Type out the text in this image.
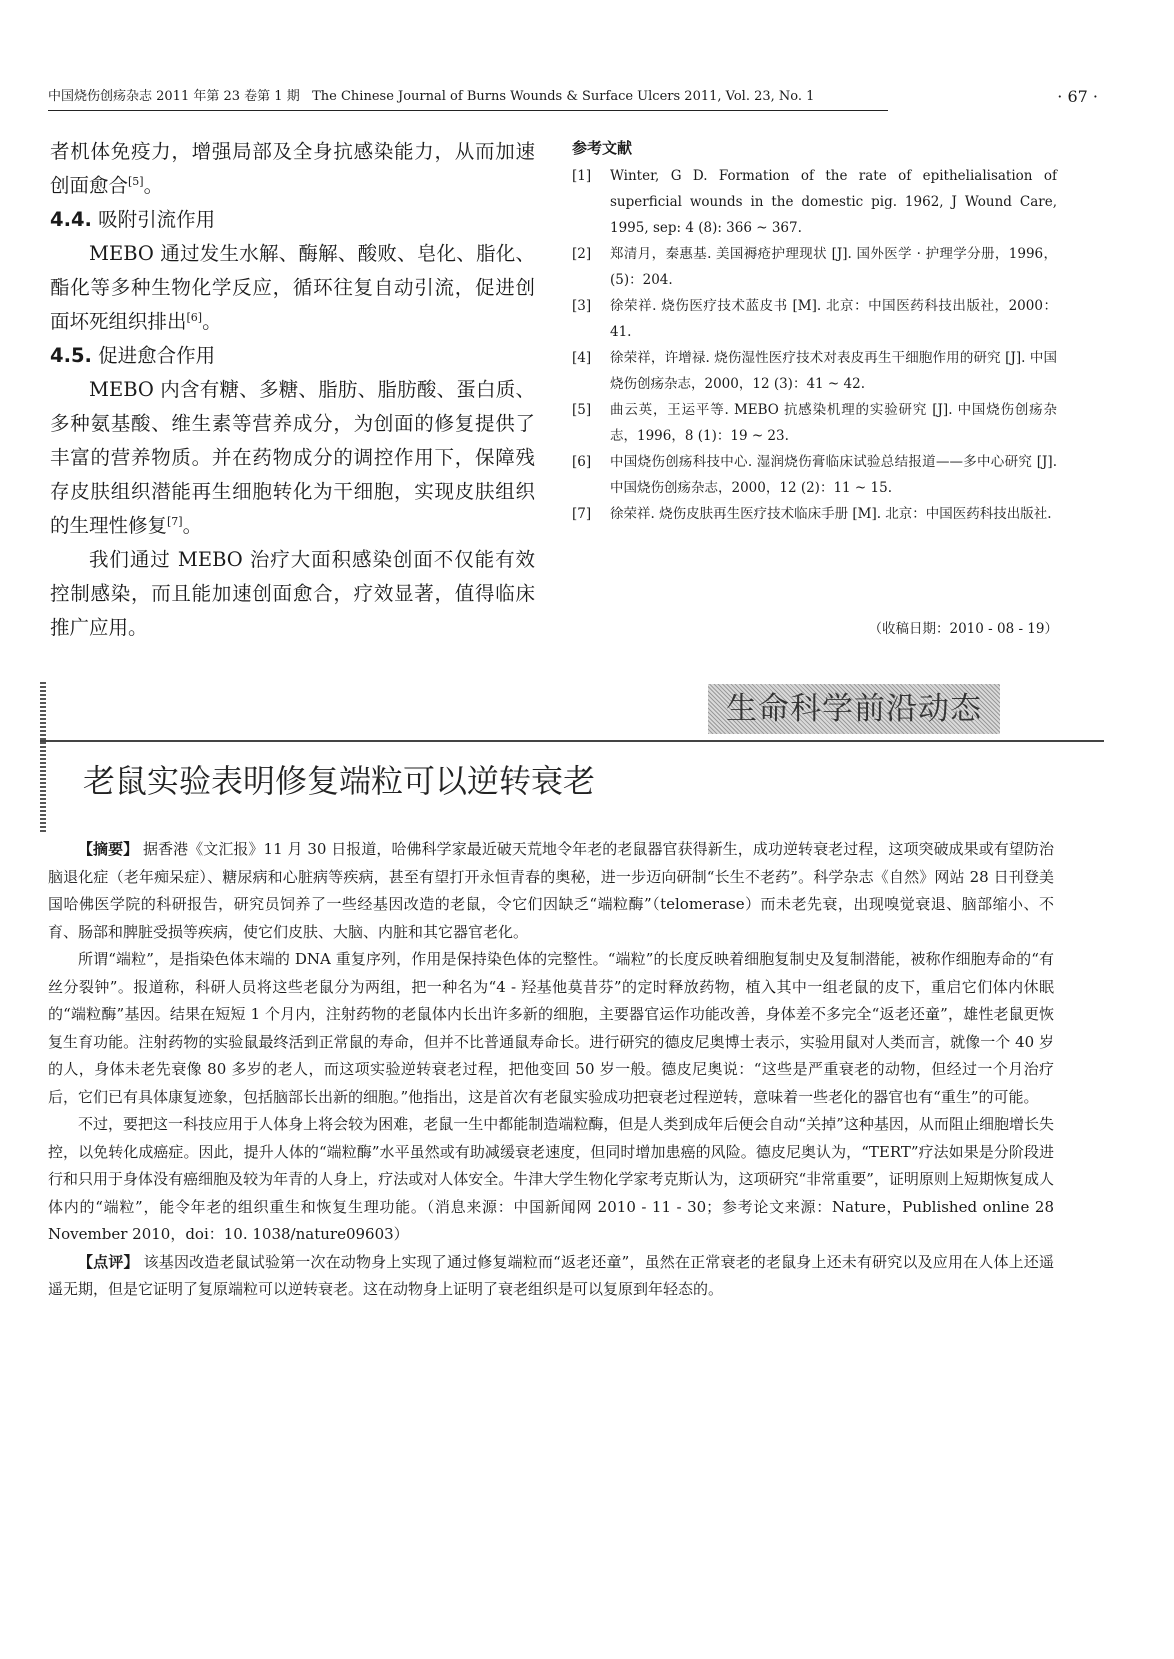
中国烧伤创疡杂志 2011 年第 23 卷第 1 期 The Chinese Journal of Burns Wounds & Surface Ulcers 2011, Vol. 23, No. 1	· 67 ·

者机体免疫力，增强局部及全身抗感染能力，从而加速创面愈合[5]。

4.4. 吸附引流作用

MEBO 通过发生水解、酶解、酸败、皂化、脂化、酯化等多种生物化学反应，循环往复自动引流，促进创面坏死组织排出[6]。

4.5. 促进愈合作用

MEBO 内含有糖、多糖、脂肪、脂肪酸、蛋白质、多种氨基酸、维生素等营养成分，为创面的修复提供了丰富的营养物质。并在药物成分的调控作用下，保障残存皮肤组织潜能再生细胞转化为干细胞，实现皮肤组织的生理性修复[7]。

我们通过 MEBO 治疗大面积感染创面不仅能有效控制感染，而且能加速创面愈合，疗效显著，值得临床推广应用。

参考文献
[1]	Winter, G D. Formation of the rate of epithelialisation of superficial wounds in the domestic pig. 1962, J Wound Care, 1995, sep: 4 (8): 366 ~ 367.
[2]	郑清月，秦惠基. 美国褥疮护理现状 [J]. 国外医学 · 护理学分册，1996，(5)：204.
[3]	徐荣祥. 烧伤医疗技术蓝皮书 [M]. 北京：中国医药科技出版社，2000：41.
[4]	徐荣祥，许增禄. 烧伤湿性医疗技术对表皮再生干细胞作用的研究 [J]. 中国烧伤创疡杂志，2000，12 (3)：41 ~ 42.
[5]	曲云英，王运平等. MEBO 抗感染机理的实验研究 [J]. 中国烧伤创疡杂志，1996，8 (1)：19 ~ 23.
[6]	中国烧伤创疡科技中心. 湿润烧伤膏临床试验总结报道——多中心研究 [J]. 中国烧伤创疡杂志，2000，12 (2)：11 ~ 15.
[7]	徐荣祥. 烧伤皮肤再生医疗技术临床手册 [M]. 北京：中国医药科技出版社.
（收稿日期：2010 - 08 - 19）
生命科学前沿动态
老鼠实验表明修复端粒可以逆转衰老

【摘要】 据香港《文汇报》11 月 30 日报道，哈佛科学家最近破天荒地令年老的老鼠器官获得新生，成功逆转衰老过程，这项突破成果或有望防治脑退化症（老年痴呆症）、糖尿病和心脏病等疾病，甚至有望打开永恒青春的奥秘，进一步迈向研制“长生不老药”。科学杂志《自然》网站 28 日刊登美国哈佛医学院的科研报告，研究员饲养了一些经基因改造的老鼠，令它们因缺乏“端粒酶”（telomerase）而未老先衰，出现嗅觉衰退、脑部缩小、不育、肠部和脾脏受损等疾病，使它们皮肤、大脑、内脏和其它器官老化。

所谓“端粒”，是指染色体末端的 DNA 重复序列，作用是保持染色体的完整性。“端粒”的长度反映着细胞复制史及复制潜能，被称作细胞寿命的“有丝分裂钟”。报道称，科研人员将这些老鼠分为两组，把一种名为“4 - 羟基他莫昔芬”的定时释放药物，植入其中一组老鼠的皮下，重启它们体内休眠的“端粒酶”基因。结果在短短 1 个月内，注射药物的老鼠体内长出许多新的细胞，主要器官运作功能改善，身体差不多完全“返老还童”，雄性老鼠更恢复生育功能。注射药物的实验鼠最终活到正常鼠的寿命，但并不比普通鼠寿命长。进行研究的德皮尼奥博士表示，实验用鼠对人类而言，就像一个 40 岁的人，身体未老先衰像 80 多岁的老人，而这项实验逆转衰老过程，把他变回 50 岁一般。德皮尼奥说：“这些是严重衰老的动物，但经过一个月治疗后，它们已有具体康复迹象，包括脑部长出新的细胞。”他指出，这是首次有老鼠实验成功把衰老过程逆转，意味着一些老化的器官也有“重生”的可能。

不过，要把这一科技应用于人体身上将会较为困难，老鼠一生中都能制造端粒酶，但是人类到成年后便会自动“关掉”这种基因，从而阻止细胞增长失控，以免转化成癌症。因此，提升人体的“端粒酶”水平虽然或有助减缓衰老速度，但同时增加患癌的风险。德皮尼奥认为，“TERT”疗法如果是分阶段进行和只用于身体没有癌细胞及较为年青的人身上，疗法或对人体安全。牛津大学生物化学家考克斯认为，这项研究“非常重要”，证明原则上短期恢复成人体内的“端粒”，能令年老的组织重生和恢复生理功能。（消息来源：中国新闻网 2010 - 11 - 30；参考论文来源：Nature，Published online 28 November 2010，doi：10. 1038/nature09603）

【点评】 该基因改造老鼠试验第一次在动物身上实现了通过修复端粒而“返老还童”，虽然在正常衰老的老鼠身上还未有研究以及应用在人体上还遥遥无期，但是它证明了复原端粒可以逆转衰老。这在动物身上证明了衰老组织是可以复原到年轻态的。
